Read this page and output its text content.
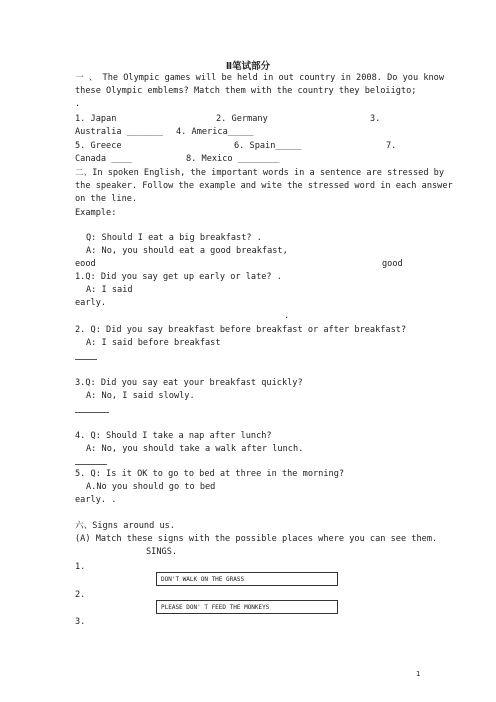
Ⅱ笔试部分
一 、 The Olympic games will be held in out country in 2008. Do you know
these Olympic emblems? Match them with the country they beloiigto;
.
1. Japan	2. Germany	3.
Australia _______ 4. America_____
5. Greece	6. Spain_____	7.
Canada ____	8. Mexico ________
二、In spoken English, the important words in a sentence are stressed by
the speaker. Follow the example and wite the stressed word in each answer
on the line.
Example:
Q: Should I eat a big breakfast? .
A: No, you should eat a good breakfast,
eood	good
1.Q: Did you say get up early or late? .
A: I said
early.
.
2. Q: Did you say breakfast before breakfast or after breakfast?
A: I said before breakfast
3.Q: Did you say eat your breakfast quickly?
A: No, I said slowly.
4. Q: Should I take a nap after lunch?
A: No, you should take a walk after lunch.
5. Q: Is it OK to go to bed at three in the morning?
A.No you should go to bed
early. .
六、Signs around us.
(A) Match these signs with the possible places where you can see them.
SINGS.
1.
DON'T WALK ON THE GRASS
2.
PLEASE DON' T FEED THE MONKEYS
3.
1
